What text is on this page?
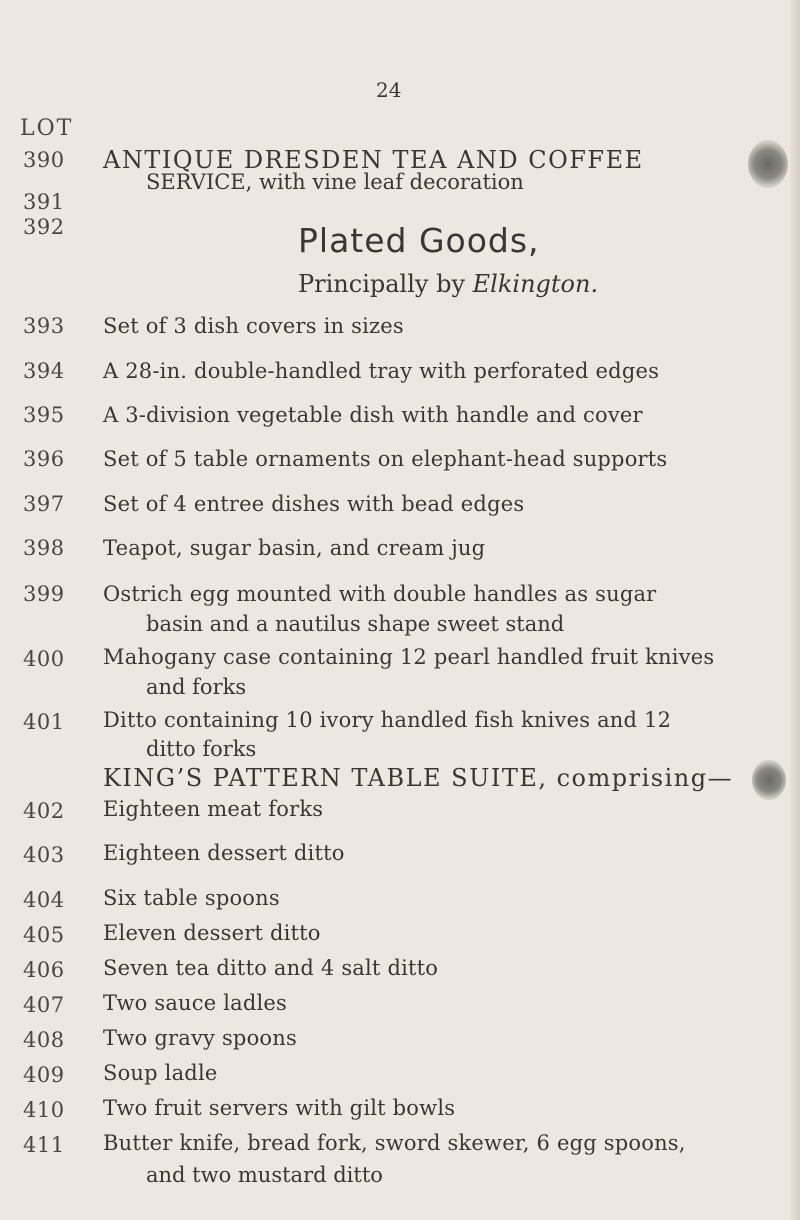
24
LOT
390 ANTIQUE DRESDEN TEA AND COFFEE
SERVICE, with vine leaf decoration
391
392	Plated Goods,
Principally by Elkington.
393 Set of 3 dish covers in sizes
394 A 28-in. double-handled tray with perforated edges
395 A 3-division vegetable dish with handle and cover
396 Set of 5 table ornaments on elephant-head supports
397 Set of 4 entree dishes with bead edges
398 Teapot, sugar basin, and cream jug
399 Ostrich egg mounted with double handles as sugar
basin and a nautilus shape sweet stand
400 Mahogany case containing 12 pearl handled fruit knives
and forks
401 Ditto containing 10 ivory handled fish knives and 12
ditto forks
KING’S PATTERN TABLE SUITE, comprising—
402 Eighteen meat forks
403 Eighteen dessert ditto
404 Six table spoons
405 Eleven dessert ditto
406 Seven tea ditto and 4 salt ditto
407 Two sauce ladles
408 Two gravy spoons
409 Soup ladle
410 Two fruit servers with gilt bowls
411 Butter knife, bread fork, sword skewer, 6 egg spoons,
and two mustard ditto
